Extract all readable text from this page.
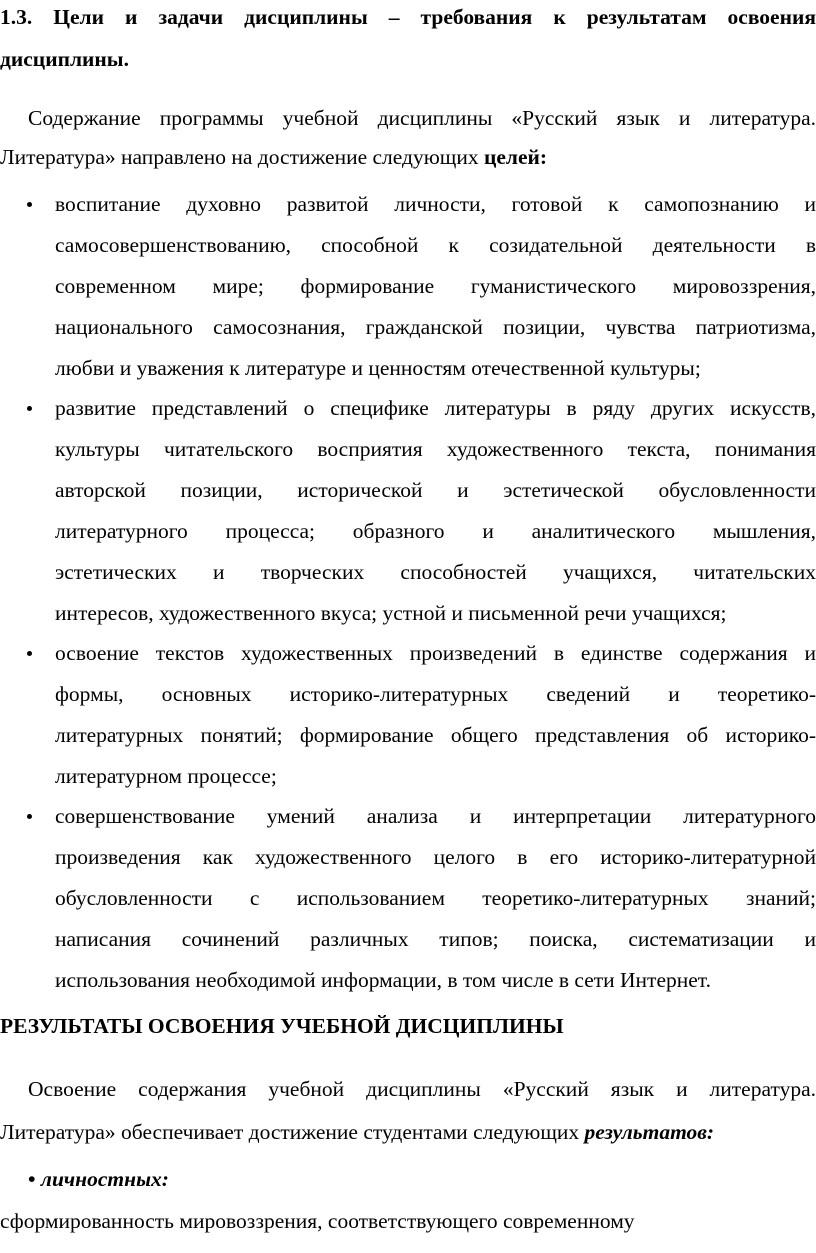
1.3. Цели и задачи дисциплины – требования к результатам освоения
дисциплины.
Содержание программы учебной дисциплины «Русский язык и литература.
Литература» направлено на достижение следующих целей:
воспитание духовно развитой личности, готовой к самопознанию и
самосовершенствованию, способной к созидательной деятельности в
современном мире; формирование гуманистического мировоззрения,
национального самосознания, гражданской позиции, чувства патриотизма,
любви и уважения к литературе и ценностям отечественной культуры;
развитие представлений о специфике литературы в ряду других искусств,
культуры читательского восприятия художественного текста, понимания
авторской позиции, исторической и эстетической обусловленности
литературного процесса; образного и аналитического мышления,
эстетических и творческих способностей учащихся, читательских
интересов, художественного вкуса; устной и письменной речи учащихся;
освоение текстов художественных произведений в единстве содержания и
формы, основных историко-литературных сведений и теоретико-
литературных понятий; формирование общего представления об историко-
литературном процессе;
совершенствование умений анализа и интерпретации литературного
произведения как художественного целого в его историко-литературной
обусловленности с использованием теоретико-литературных знаний;
написания сочинений различных типов; поиска, систематизации и
использования необходимой информации, в том числе в сети Интернет.
РЕЗУЛЬТАТЫ ОСВОЕНИЯ УЧЕБНОЙ ДИСЦИПЛИНЫ
Освоение содержания учебной дисциплины «Русский язык и литература.
Литература» обеспечивает достижение студентами следующих результатов:
• личностных:
сформированность мировоззрения, соответствующего современному
